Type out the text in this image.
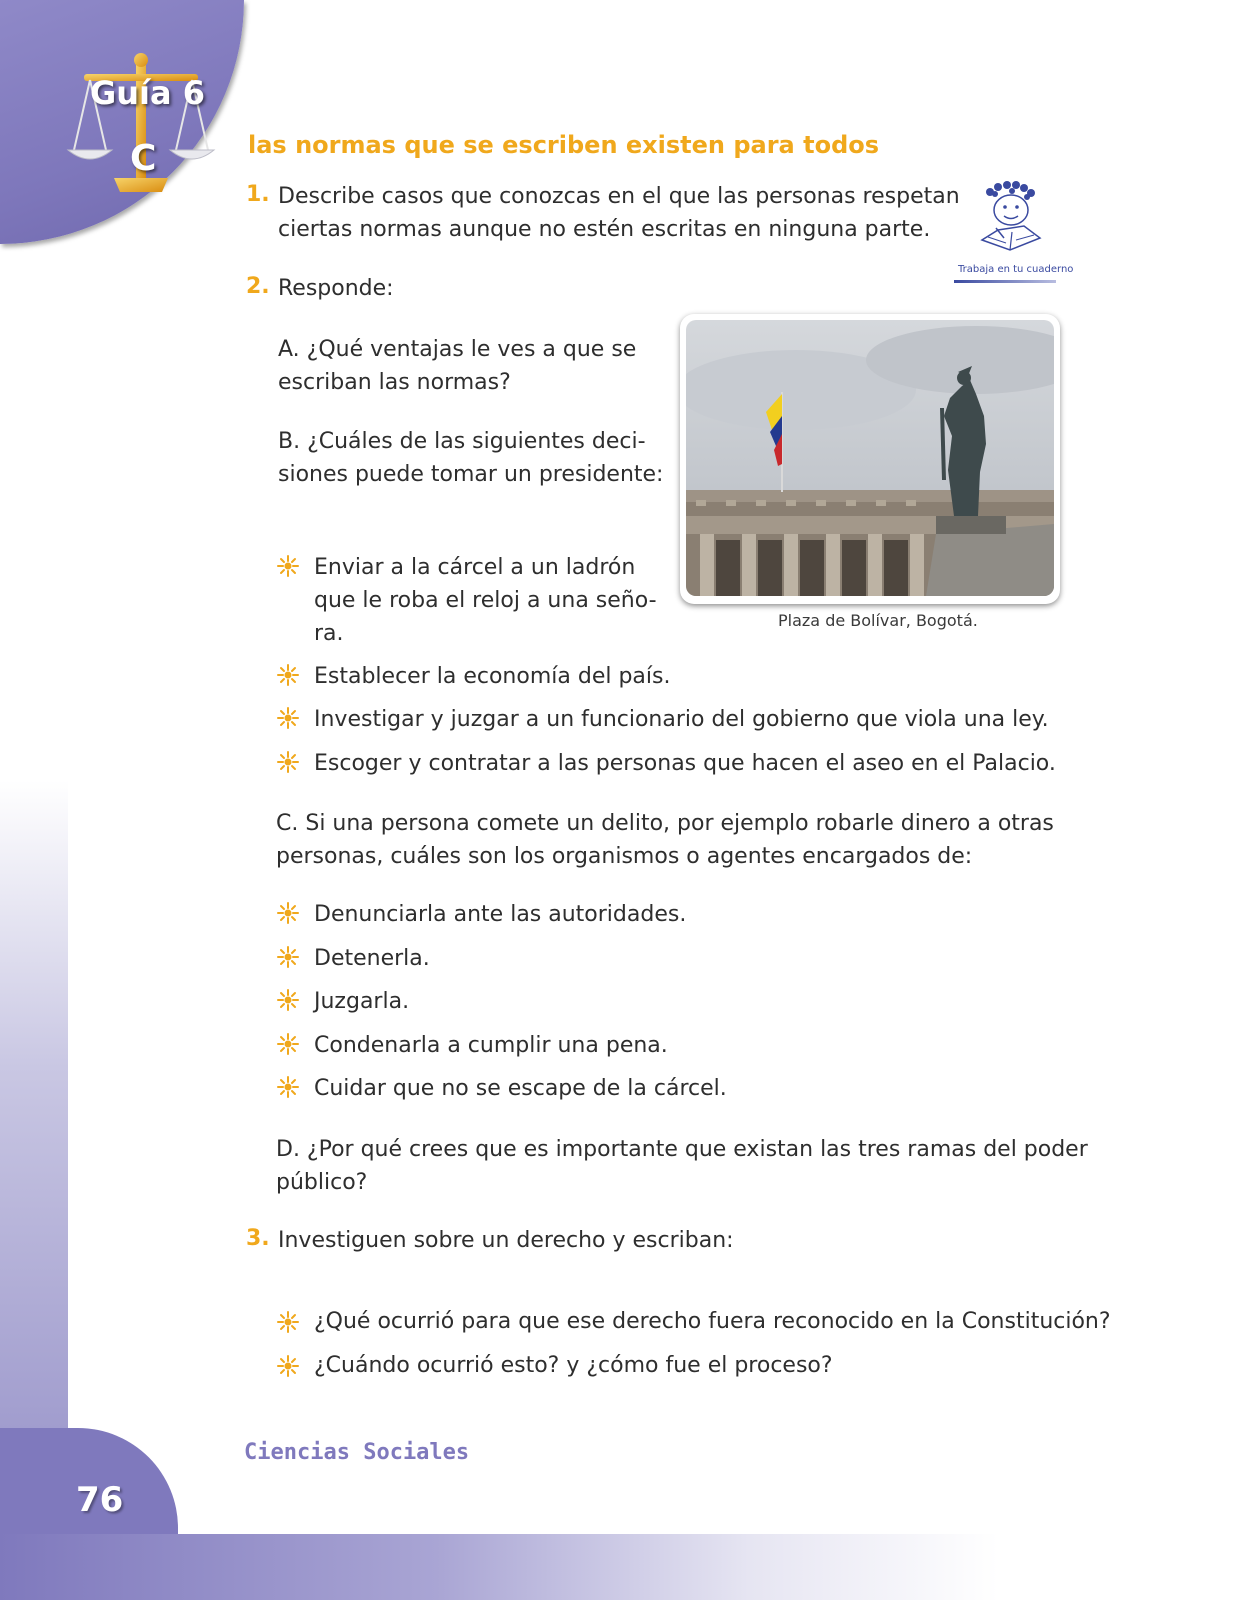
76
Guía 6
C	las normas que se escriben existen para todos
Trabaja en tu cuaderno
1. Describe casos que conozcas en el que las personas respetan
ciertas normas aunque no estén escritas en ninguna parte.
2. Responde:
A. ¿Qué ventajas le ves a que se
escriban las normas?
B. ¿Cuáles de las siguientes deci-
siones puede tomar un presidente:
Plaza de Bolívar, Bogotá.
Enviar a la cárcel a un ladrón
que le roba el reloj a una seño-
ra.
Establecer la economía del país.
Investigar y juzgar a un funcionario del gobierno que viola una ley.
Escoger y contratar a las personas que hacen el aseo en el Palacio.
C. Si una persona comete un delito, por ejemplo robarle dinero a otras
personas, cuáles son los organismos o agentes encargados de:
Denunciarla ante las autoridades.
Detenerla.
Juzgarla.
Condenarla a cumplir una pena.
Cuidar que no se escape de la cárcel.
D. ¿Por qué crees que es importante que existan las tres ramas del poder
público?
3. Investiguen sobre un derecho y escriban:
¿Qué ocurrió para que ese derecho fuera reconocido en la Constitución?
¿Cuándo ocurrió esto? y ¿cómo fue el proceso?
Ciencias Sociales
